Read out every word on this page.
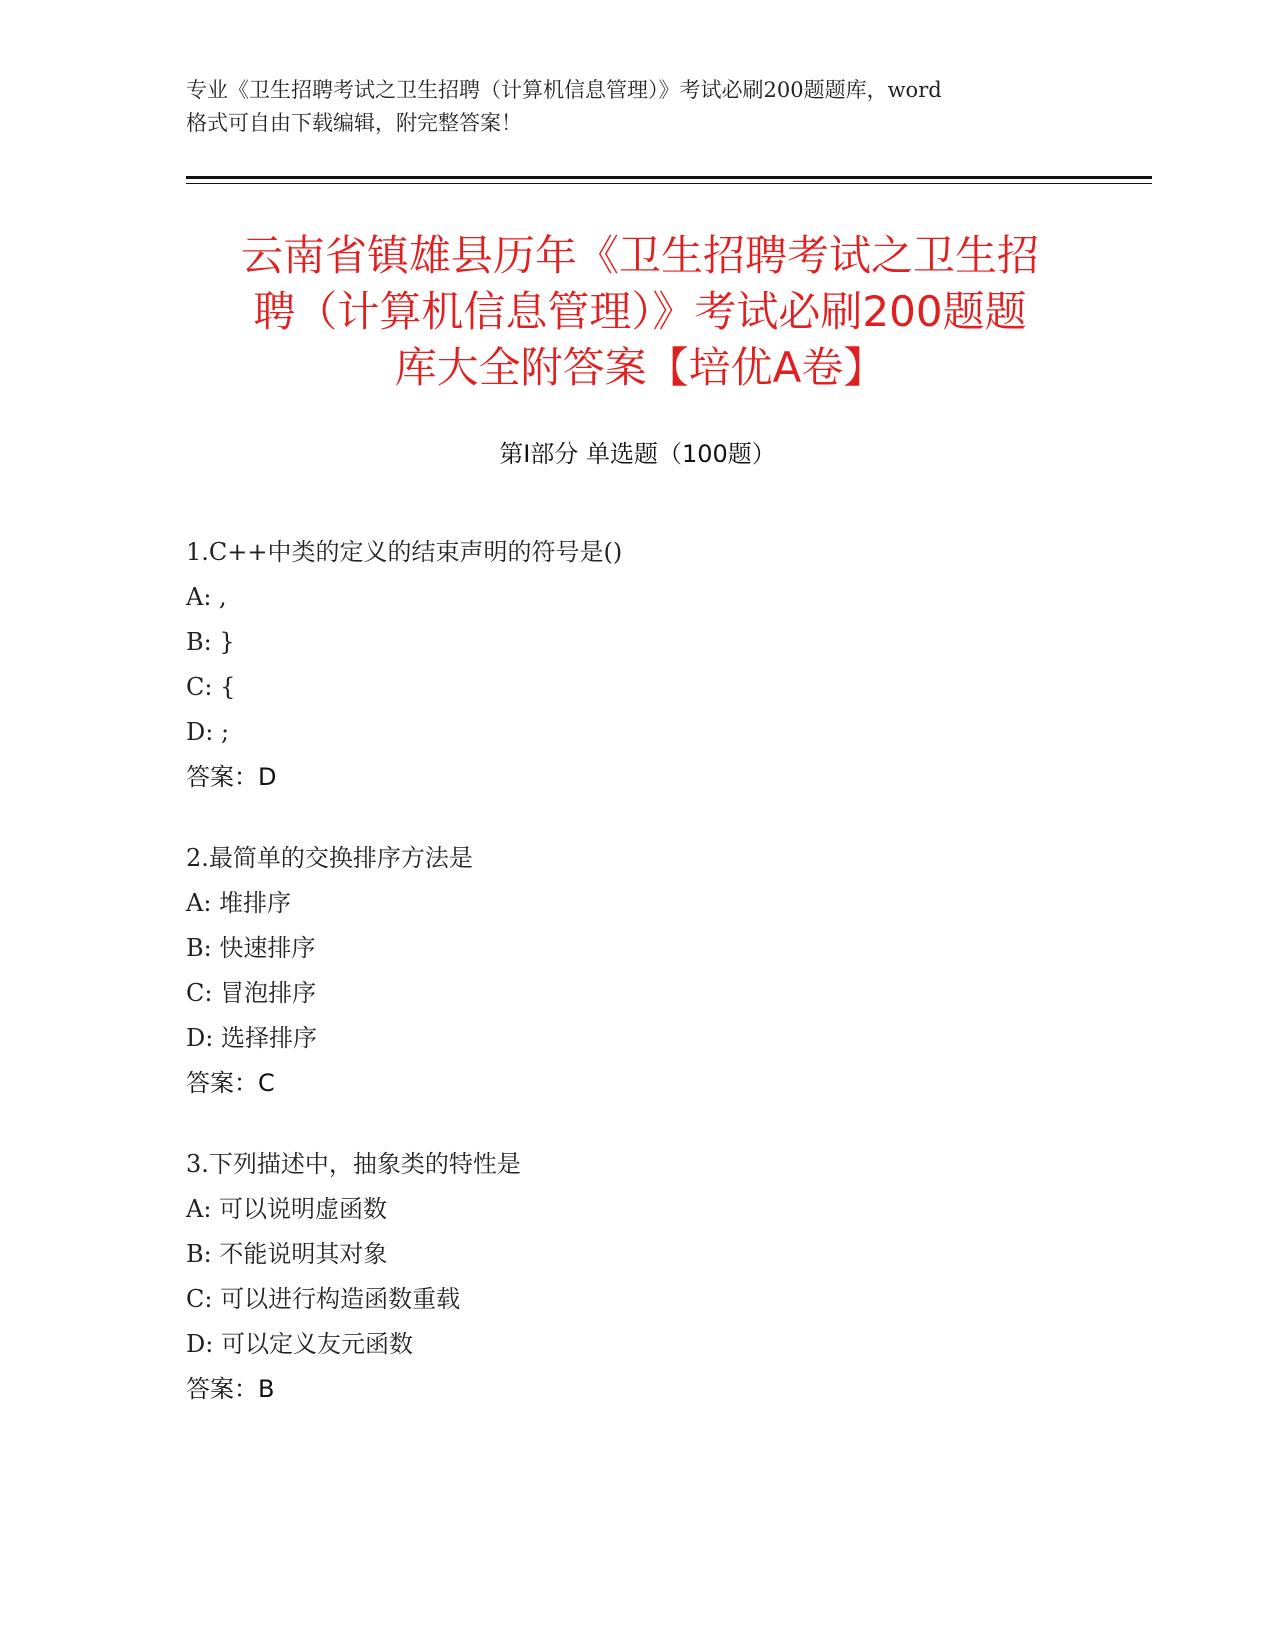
专业《卫生招聘考试之卫生招聘（计算机信息管理）》考试必刷200题题库，word
格式可自由下载编辑，附完整答案！
云南省镇雄县历年《卫生招聘考试之卫生招
聘（计算机信息管理）》考试必刷200题题
库大全附答案【培优A卷】
第Ⅰ部分 单选题（100题）
1.C++中类的定义的结束声明的符号是()
A: ,
B: }
C: {
D: ;
答案：D
2.最简单的交换排序方法是
A: 堆排序
B: 快速排序
C: 冒泡排序
D: 选择排序
答案：C
3.下列描述中，抽象类的特性是
A: 可以说明虚函数
B: 不能说明其对象
C: 可以进行构造函数重载
D: 可以定义友元函数
答案：B
